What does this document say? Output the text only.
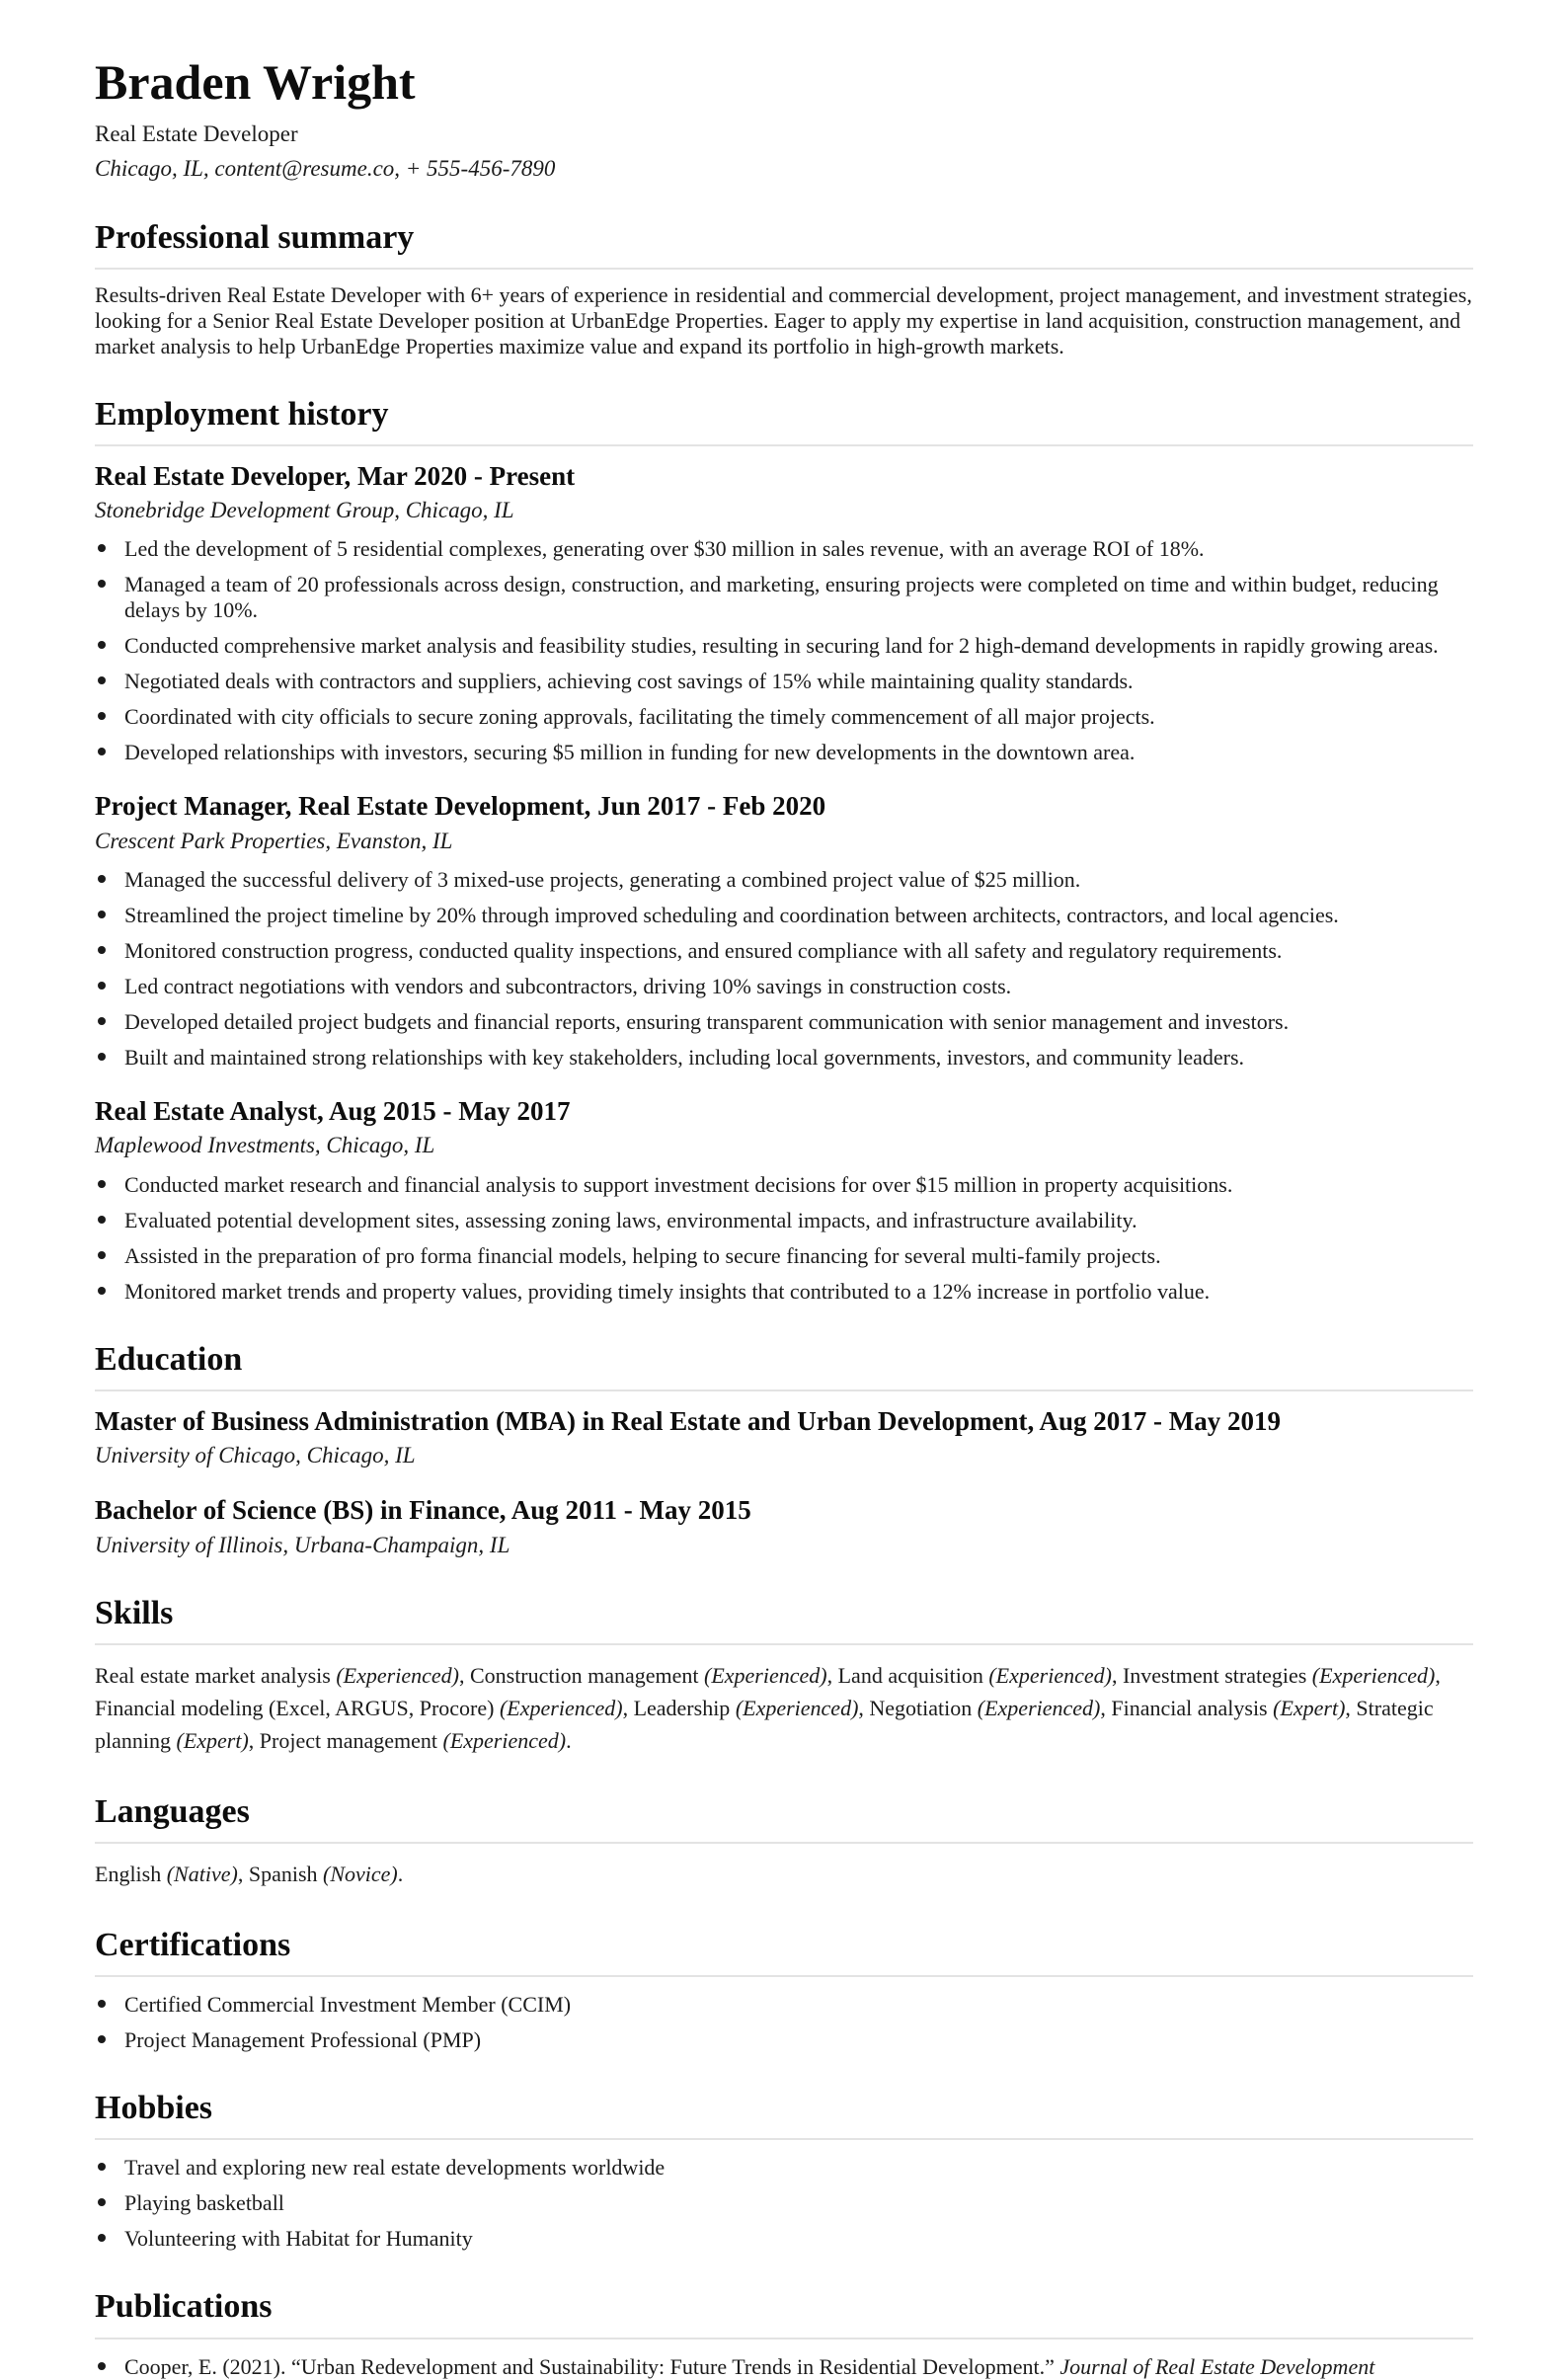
Braden Wright

Real Estate Developer

Chicago, IL, content@resume.co, + 555-456-7890

Professional summary

Results-driven Real Estate Developer with 6+ years of experience in residential and commercial development, project management, and investment strategies, looking for a Senior Real Estate Developer position at UrbanEdge Properties. Eager to apply my expertise in land acquisition, construction management, and market analysis to help UrbanEdge Properties maximize value and expand its portfolio in high-growth markets.

Employment history
Real Estate Developer, Mar 2020 - Present

Stonebridge Development Group, Chicago, IL

Led the development of 5 residential complexes, generating over $30 million in sales revenue, with an average ROI of 18%.
Managed a team of 20 professionals across design, construction, and marketing, ensuring projects were completed on time and within budget, reducing delays by 10%.
Conducted comprehensive market analysis and feasibility studies, resulting in securing land for 2 high-demand developments in rapidly growing areas.
Negotiated deals with contractors and suppliers, achieving cost savings of 15% while maintaining quality standards.
Coordinated with city officials to secure zoning approvals, facilitating the timely commencement of all major projects.
Developed relationships with investors, securing $5 million in funding for new developments in the downtown area.
Project Manager, Real Estate Development, Jun 2017 - Feb 2020

Crescent Park Properties, Evanston, IL

Managed the successful delivery of 3 mixed-use projects, generating a combined project value of $25 million.
Streamlined the project timeline by 20% through improved scheduling and coordination between architects, contractors, and local agencies.
Monitored construction progress, conducted quality inspections, and ensured compliance with all safety and regulatory requirements.
Led contract negotiations with vendors and subcontractors, driving 10% savings in construction costs.
Developed detailed project budgets and financial reports, ensuring transparent communication with senior management and investors.
Built and maintained strong relationships with key stakeholders, including local governments, investors, and community leaders.
Real Estate Analyst, Aug 2015 - May 2017

Maplewood Investments, Chicago, IL

Conducted market research and financial analysis to support investment decisions for over $15 million in property acquisitions.
Evaluated potential development sites, assessing zoning laws, environmental impacts, and infrastructure availability.
Assisted in the preparation of pro forma financial models, helping to secure financing for several multi-family projects.
Monitored market trends and property values, providing timely insights that contributed to a 12% increase in portfolio value.
Education
Master of Business Administration (MBA) in Real Estate and Urban Development, Aug 2017 - May 2019

University of Chicago, Chicago, IL

Bachelor of Science (BS) in Finance, Aug 2011 - May 2015

University of Illinois, Urbana-Champaign, IL

Skills

Real estate market analysis (Experienced), Construction management (Experienced), Land acquisition (Experienced), Investment strategies (Experienced), Financial modeling (Excel, ARGUS, Procore) (Experienced), Leadership (Experienced), Negotiation (Experienced), Financial analysis (Expert), Strategic planning (Expert), Project management (Experienced).

Languages

English (Native), Spanish (Novice).

Certifications
Certified Commercial Investment Member (CCIM)
Project Management Professional (PMP)
Hobbies
Travel and exploring new real estate developments worldwide
Playing basketball
Volunteering with Habitat for Humanity
Publications
Cooper, E. (2021). “Urban Redevelopment and Sustainability: Future Trends in Residential Development.” Journal of Real Estate Development
